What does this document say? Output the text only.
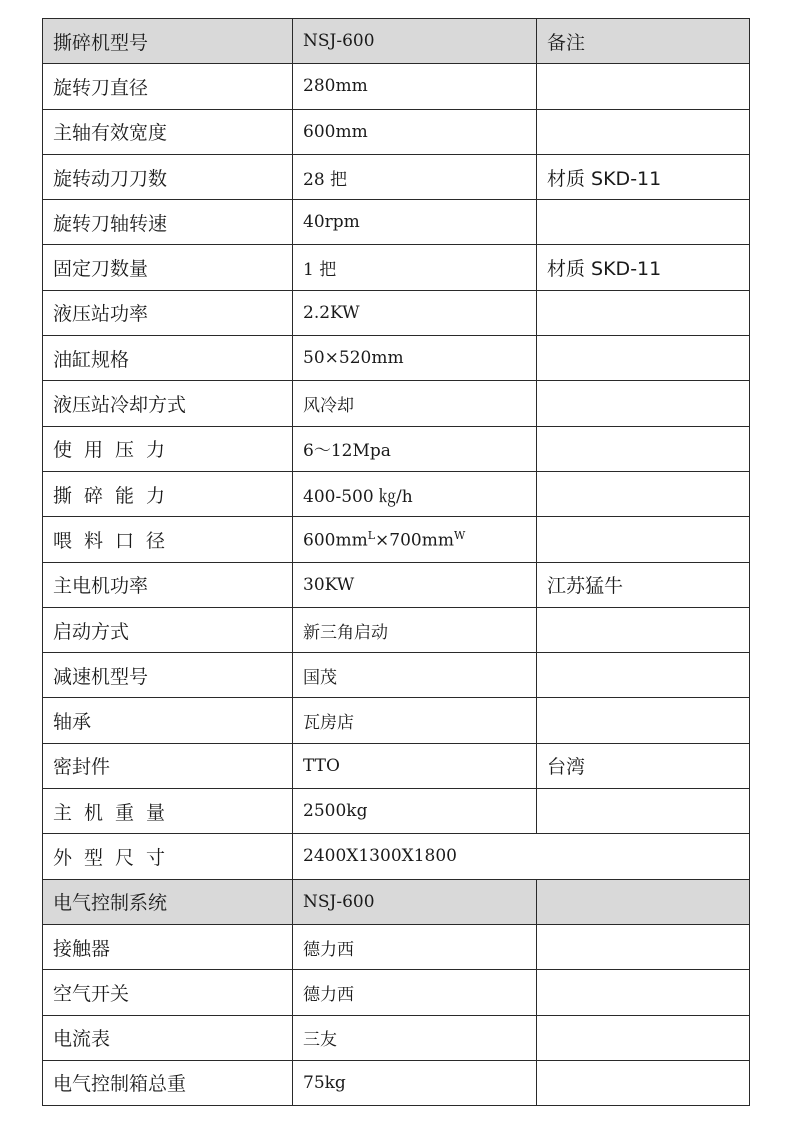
撕碎机型号	NSJ-600	备注
旋转刀直径	280mm	
主轴有效宽度	600mm	
旋转动刀刀数	28 把	材质 SKD-11
旋转刀轴转速	40rpm	
固定刀数量	1 把	材质 SKD-11
液压站功率	2.2KW	
油缸规格	50×520mm	
液压站冷却方式	风冷却	
使用压力	6～12Mpa	
撕碎能力	400-500 ㎏/h	
喂料口径	$600mm^L\times 700mm^W$	
主电机功率	30KW	江苏猛牛
启动方式	新三角启动	
减速机型号	国茂	
轴承	瓦房店	
密封件	TTO	台湾
主机重量	2500kg	
外型尺寸	2400X1300X1800	
电气控制系统	NSJ-600	
接触器	德力西	
空气开关	德力西	
电流表	三友	
电气控制箱总重	75kg	
